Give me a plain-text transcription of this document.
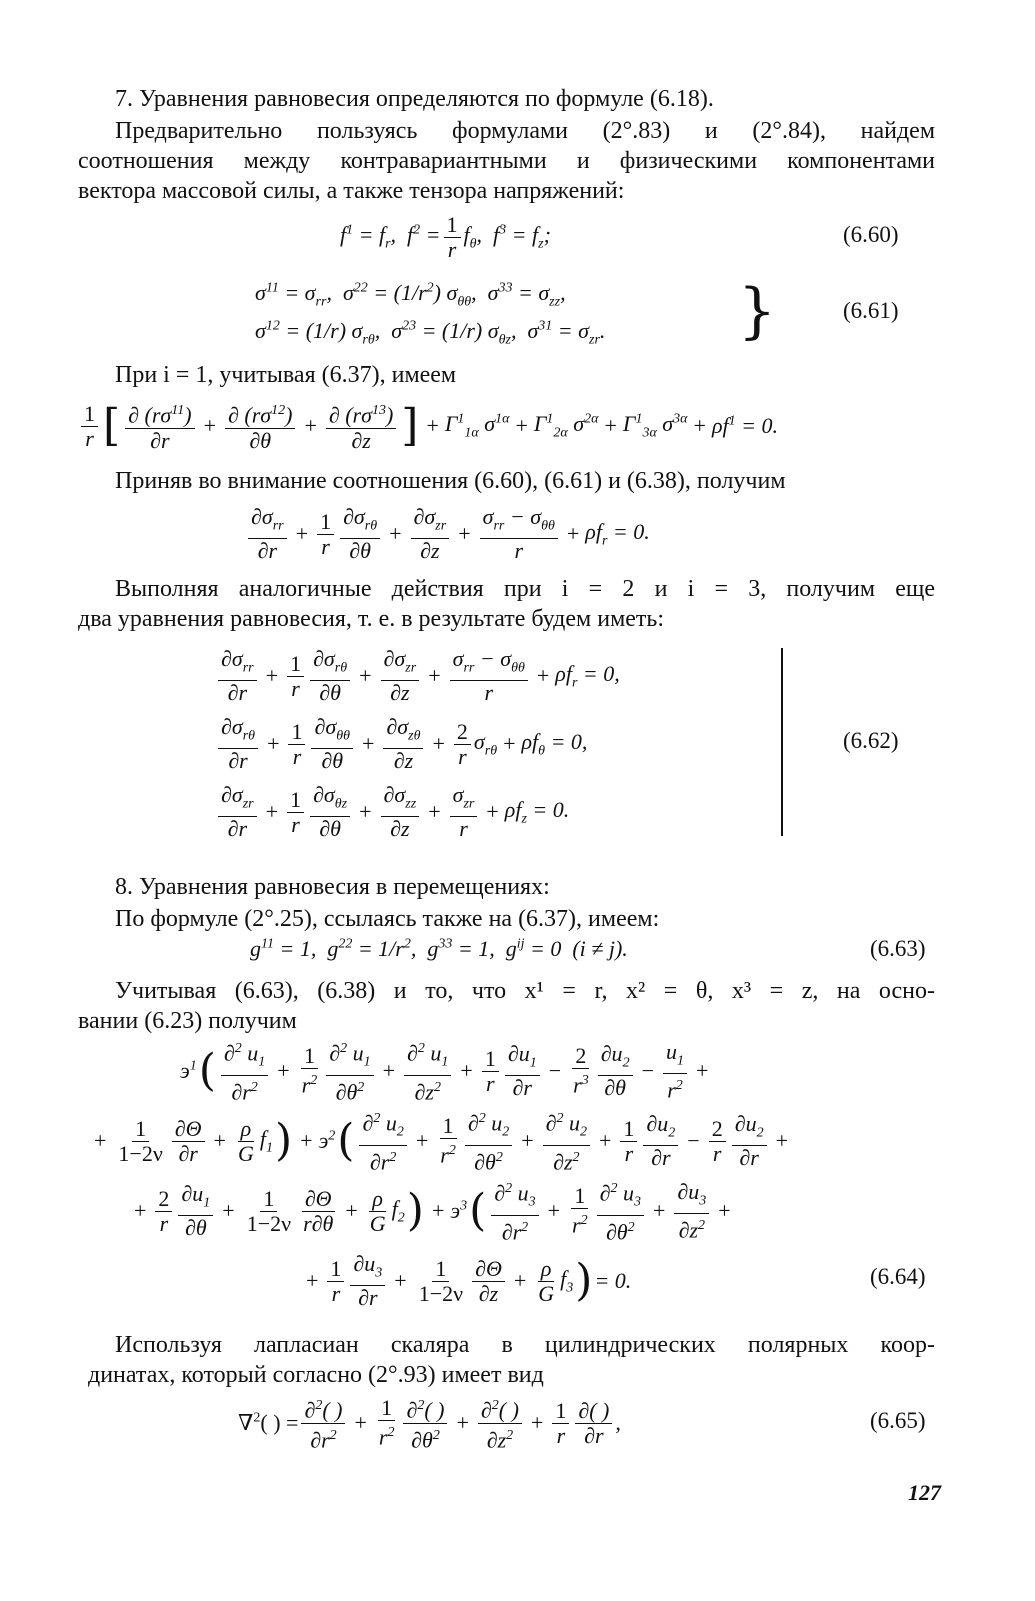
7. Уравнения равновесия определяются по формуле (6.18).
Предварительно пользуясь формулами (2°.83) и (2°.84), найдем
соотношения между контравариантными и физическими компонентами
вектора массовой силы, а также тензора напряжений:
$f^1 = f_r$,  $f^2 = \frac{1}{r} f_\theta$,  $f^3 = f_z$;	(6.60)
$\sigma^{11} = \sigma_{rr}$,  $\sigma^{22} = (1/r^2)$ $\sigma_{\theta\theta}$,  $\sigma^{33} = \sigma_{zz}$,
$\sigma^{12} = (1/r)$ $\sigma_{r\theta}$,  $\sigma^{23} = (1/r)$ $\sigma_{\theta z}$,  $\sigma^{31} = \sigma_{zr}$. }	(6.61)
При i = 1, учитывая (6.37), имеем
$\frac{1}{r}$ [ $\frac{\partial (r\sigma^{11})}{\partial r} + \frac{\partial (r\sigma^{12})}{\partial\theta} + \frac{\partial (r\sigma^{13})}{\partial z}$ ] + $\Gamma^1_{1\alpha}$ $\sigma^{1\alpha} + \Gamma^1_{2\alpha}$ $\sigma^{2\alpha} + \Gamma^1_{3\alpha}$ $\sigma^{3\alpha} + \rho f^1 = 0$.
Приняв во внимание соотношения (6.60), (6.61) и (6.38), получим
$\frac{\partial\sigma_{rr}}{\partial r} + \frac{1}{r} \frac{\partial\sigma_{r\theta}}{\partial\theta} + \frac{\partial\sigma_{zr}}{\partial z} + \frac{\sigma_{rr} - \sigma_{\theta\theta}}{r} + \rho f_r = 0$.
Выполняя аналогичные действия при i = 2 и i = 3, получим еще
два уравнения равновесия, т. е. в результате будем иметь:
$\frac{\partial\sigma_{rr}}{\partial r} + \frac{1}{r} \frac{\partial\sigma_{r\theta}}{\partial\theta} + \frac{\partial\sigma_{zr}}{\partial z} + \frac{\sigma_{rr} - \sigma_{\theta\theta}}{r} + \rho f_r = 0$,
$\frac{\partial\sigma_{r\theta}}{\partial r} + \frac{1}{r} \frac{\partial\sigma_{\theta\theta}}{\partial\theta} + \frac{\partial\sigma_{z\theta}}{\partial z} + \frac{2}{r} \sigma_{r\theta} + \rho f_\theta = 0$,
$\frac{\partial\sigma_{zr}}{\partial r} + \frac{1}{r} \frac{\partial\sigma_{\theta z}}{\partial\theta} + \frac{\partial\sigma_{zz}}{\partial z} + \frac{\sigma_{zr}}{r} + \rho f_z = 0$.
(6.62)
8. Уравнения равновесия в перемещениях:
По формуле (2°.25), ссылаясь также на (6.37), имеем:
$g^{11} = 1$,  $g^{22} = 1/r^2$,  $g^{33} = 1$,  $g^{ij} = 0$  (i ≠ j).	(6.63)
Учитывая (6.63), (6.38) и то, что x¹ = r, x² = θ, x³ = z, на осно-
вании (6.23) получим
$э^1$ ( $\frac{\partial^2 u_1}{\partial r^2} + \frac{1}{r^2} \frac{\partial^2 u_1}{\partial\theta^2} + \frac{\partial^2 u_1}{\partial z^2} + \frac{1}{r} \frac{\partial u_1}{\partial r} - \frac{2}{r^3} \frac{\partial u_2}{\partial\theta} - \frac{u_1}{r^2}$ +
+ $\frac{1}{1-2\nu} \frac{\partial\Theta}{\partial r} + \frac{\rho}{G} f_1$ ) + $э^2$ ( $\frac{\partial^2 u_2}{\partial r^2} + \frac{1}{r^2} \frac{\partial^2 u_2}{\partial\theta^2} + \frac{\partial^2 u_2}{\partial z^2} + \frac{1}{r} \frac{\partial u_2}{\partial r} - \frac{2}{r} \frac{\partial u_2}{\partial r}$ +
+ $\frac{2}{r} \frac{\partial u_1}{\partial\theta} + \frac{1}{1-2\nu} \frac{\partial\Theta}{r\partial\theta} + \frac{\rho}{G} f_2$ ) + $э^3$ ( $\frac{\partial^2 u_3}{\partial r^2} + \frac{1}{r^2} \frac{\partial^2 u_3}{\partial\theta^2} + \frac{\partial u_3}{\partial z^2}$ +
+ $\frac{1}{r} \frac{\partial u_3}{\partial r} + \frac{1}{1-2\nu} \frac{\partial\Theta}{\partial z} + \frac{\rho}{G} f_3$ ) = 0.	(6.64)
Используя лапласиан скаляра в цилиндрических полярных коор-
динатах, который согласно (2°.93) имеет вид
∇$^2$( ) = $\frac{\partial^2( )}{\partial r^2} + \frac{1}{r^2} \frac{\partial^2( )}{\partial\theta^2} + \frac{\partial^2( )}{\partial z^2} + \frac{1}{r} \frac{\partial( )}{\partial r}$ ,	(6.65)
127
